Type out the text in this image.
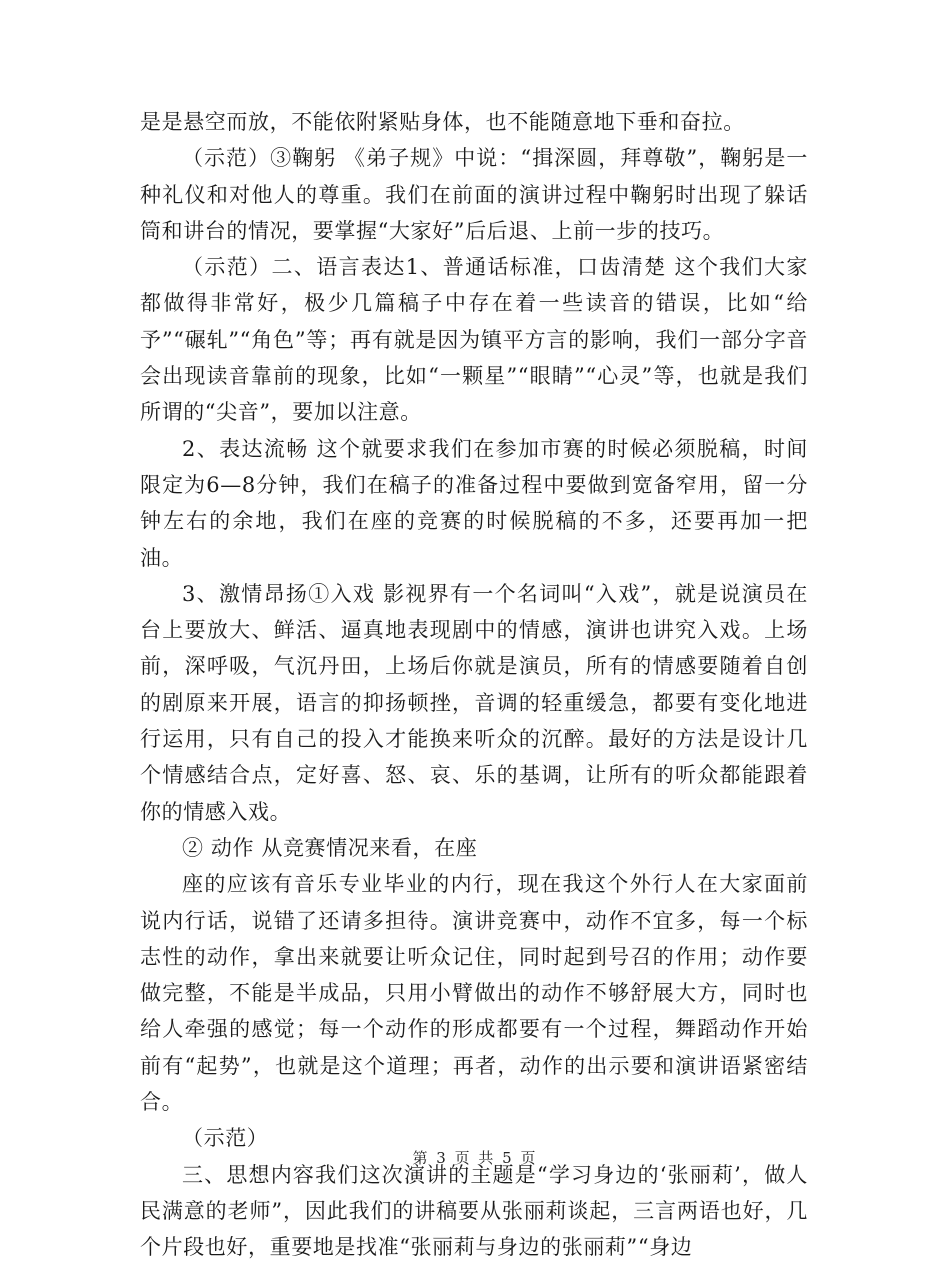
是是悬空而放，不能依附紧贴身体，也不能随意地下垂和奋拉。

（示范）③鞠躬 《弟子规》中说：“揖深圆，拜尊敬”，鞠躬是一种礼仪和对他人的尊重。我们在前面的演讲过程中鞠躬时出现了躲话筒和讲台的情况，要掌握“大家好”后后退、上前一步的技巧。

（示范）二、语言表达1、普通话标准，口齿清楚 这个我们大家都做得非常好，极少几篇稿子中存在着一些读音的错误，比如“给予”“碾轧”“角色”等；再有就是因为镇平方言的影响，我们一部分字音会出现读音靠前的现象，比如“一颗星”“眼睛”“心灵”等，也就是我们所谓的“尖音”，要加以注意。

2、表达流畅 这个就要求我们在参加市赛的时候必须脱稿，时间限定为6—8分钟，我们在稿子的准备过程中要做到宽备窄用，留一分钟左右的余地，我们在座的竞赛的时候脱稿的不多，还要再加一把油。

3、激情昂扬①入戏 影视界有一个名词叫“入戏”，就是说演员在台上要放大、鲜活、逼真地表现剧中的情感，演讲也讲究入戏。上场前，深呼吸，气沉丹田，上场后你就是演员，所有的情感要随着自创的剧原来开展，语言的抑扬顿挫，音调的轻重缓急，都要有变化地进行运用，只有自己的投入才能换来听众的沉醉。最好的方法是设计几个情感结合点，定好喜、怒、哀、乐的基调，让所有的听众都能跟着你的情感入戏。

② 动作 从竞赛情况来看，在座

座的应该有音乐专业毕业的内行，现在我这个外行人在大家面前说内行话，说错了还请多担待。演讲竞赛中，动作不宜多，每一个标志性的动作，拿出来就要让听众记住，同时起到号召的作用；动作要做完整，不能是半成品，只用小臂做出的动作不够舒展大方，同时也给人牵强的感觉；每一个动作的形成都要有一个过程，舞蹈动作开始前有“起势”，也就是这个道理；再者，动作的出示要和演讲语紧密结合。

（示范）

三、思想内容我们这次演讲的主题是“学习身边的‘张丽莉’，做人民满意的老师”，因此我们的讲稿要从张丽莉谈起，三言两语也好，几个片段也好，重要地是找准“张丽莉与身边的张丽莉”“身边

第 3 页 共 5 页
